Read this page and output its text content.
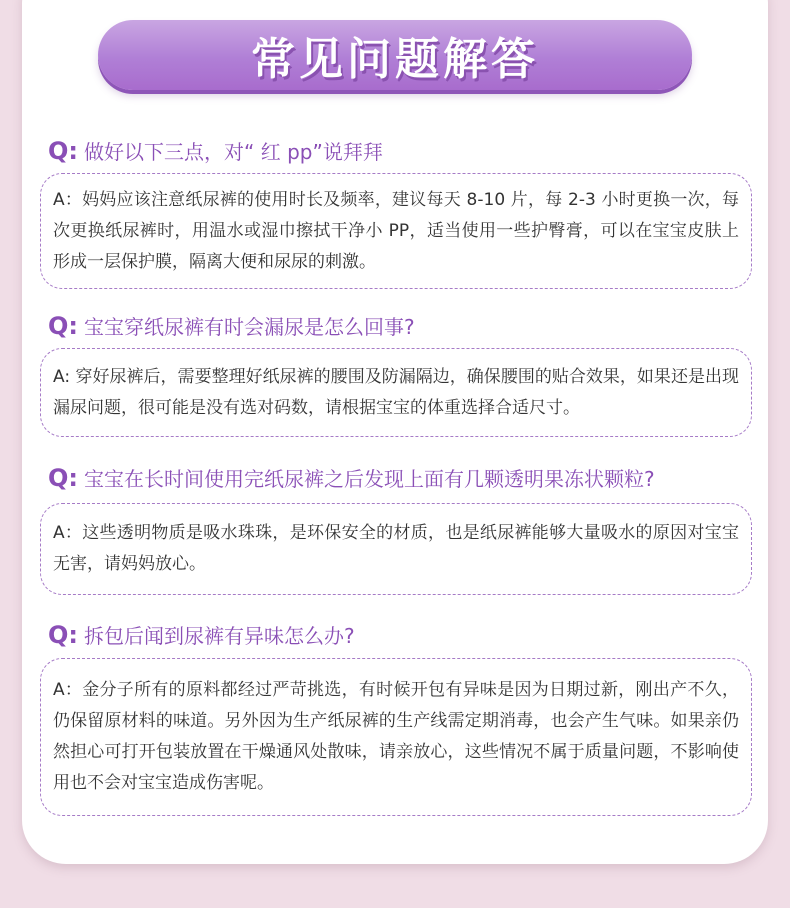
常见问题解答
Q: 做好以下三点，对“ 红 pp”说拜拜
A：妈妈应该注意纸尿裤的使用时长及频率，建议每天 8-10 片，每 2-3 小时更换一次，每次更换纸尿裤时，用温水或湿巾擦拭干净小 PP，适当使用一些护臀膏，可以在宝宝皮肤上形成一层保护膜，隔离大便和尿尿的刺激。
Q: 宝宝穿纸尿裤有时会漏尿是怎么回事?
A: 穿好尿裤后，需要整理好纸尿裤的腰围及防漏隔边，确保腰围的贴合效果，如果还是出现漏尿问题，很可能是没有选对码数，请根据宝宝的体重选择合适尺寸。
Q: 宝宝在长时间使用完纸尿裤之后发现上面有几颗透明果冻状颗粒?
A：这些透明物质是吸水珠珠，是环保安全的材质，也是纸尿裤能够大量吸水的原因对宝宝无害，请妈妈放心。
Q: 拆包后闻到尿裤有异味怎么办?
A：金分子所有的原料都经过严苛挑选，有时候开包有异味是因为日期过新，刚出产不久，仍保留原材料的味道。另外因为生产纸尿裤的生产线需定期消毒，也会产生气味。如果亲仍然担心可打开包装放置在干燥通风处散味，请亲放心，这些情况不属于质量问题，不影响使用也不会对宝宝造成伤害呢。
